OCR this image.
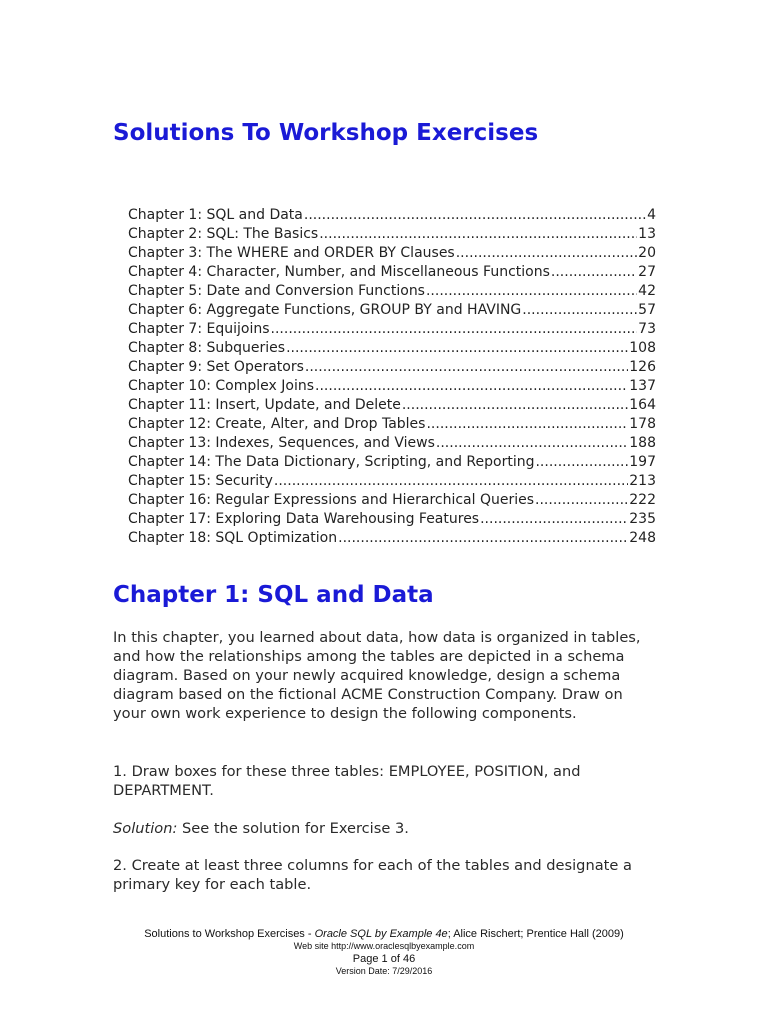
Solutions To Workshop Exercises
Chapter 1: SQL and Data .....	4
Chapter 2: SQL: The Basics .....	13
Chapter 3: The WHERE and ORDER BY Clauses .....	20
Chapter 4: Character, Number, and Miscellaneous Functions .....	27
Chapter 5: Date and Conversion Functions .....	42
Chapter 6: Aggregate Functions, GROUP BY and HAVING .....	57
Chapter 7: Equijoins .....	73
Chapter 8: Subqueries .....	108
Chapter 9: Set Operators .....	126
Chapter 10: Complex Joins .....	137
Chapter 11: Insert, Update, and Delete .....	164
Chapter 12: Create, Alter, and Drop Tables .....	178
Chapter 13: Indexes, Sequences, and Views .....	188
Chapter 14: The Data Dictionary, Scripting, and Reporting .....	197
Chapter 15: Security .....	213
Chapter 16: Regular Expressions and Hierarchical Queries .....	222
Chapter 17: Exploring Data Warehousing Features .....	235
Chapter 18: SQL Optimization .....	248
Chapter 1: SQL and Data

In this chapter, you learned about data, how data is organized in tables, and how the relationships among the tables are depicted in a schema diagram. Based on your newly acquired knowledge, design a schema diagram based on the fictional ACME Construction Company. Draw on your own work experience to design the following components.

1. Draw boxes for these three tables: EMPLOYEE, POSITION, and DEPARTMENT.

Solution: See the solution for Exercise 3.

2. Create at least three columns for each of the tables and designate a primary key for each table.

Solutions to Workshop Exercises - Oracle SQL by Example 4e; Alice Rischert; Prentice Hall (2009)
Web site http://www.oraclesqlbyexample.com
Page 1 of 46
Version Date: 7/29/2016
